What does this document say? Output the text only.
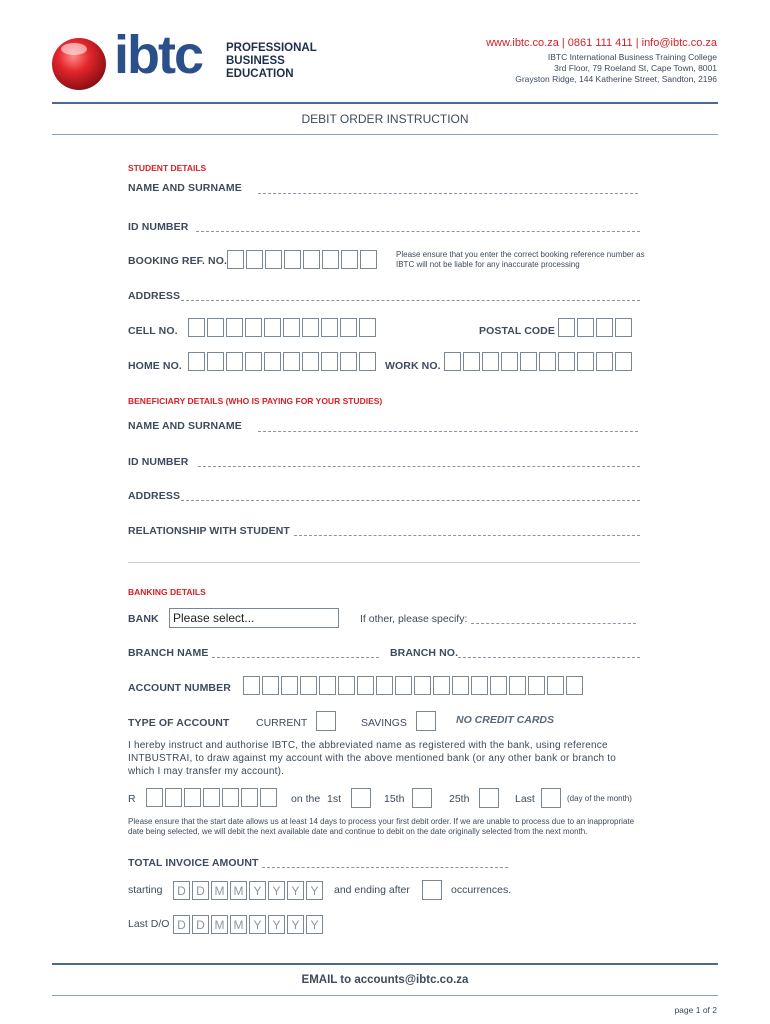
ibtc PROFESSIONAL
BUSINESS
EDUCATION
www.ibtc.co.za | 0861 111 411 | info@ibtc.co.za
IBTC International Business Training College
3rd Floor, 79 Roeland St, Cape Town, 8001
Grayston Ridge, 144 Katherine Street, Sandton, 2196
DEBIT ORDER INSTRUCTION
STUDENT DETAILS
NAME AND SURNAME
ID NUMBER
BOOKING REF. NO.
Please ensure that you enter the correct booking reference number as IBTC will not be liable for any inaccurate processing
ADDRESS
CELL NO.	POSTAL CODE
HOME NO.	WORK NO.
BENEFICIARY DETAILS (WHO IS PAYING FOR YOUR STUDIES)
NAME AND SURNAME
ID NUMBER
ADDRESS
RELATIONSHIP WITH STUDENT
BANKING DETAILS
BANK	Please select...	If other, please specify:
BRANCH NAME	BRANCH NO.
ACCOUNT NUMBER
TYPE OF ACCOUNT	CURRENT	SAVINGS	NO CREDIT CARDS
I hereby instruct and authorise IBTC, the abbreviated name as registered with the bank, using reference INTBUSTRAI, to draw against my account with the above mentioned bank (or any other bank or branch to which I may transfer my account).
R	on the 1st	15th	25th	Last	(day of the month)
Please ensure that the start date allows us at least 14 days to process your first debit order. If we are unable to process due to an inappropriate date being selected, we will debit the next available date and continue to debit on the date originally selected from the next month.
TOTAL INVOICE AMOUNT
starting	D D M M Y Y Y Y	and ending after	occurrences.
Last D/O D D M M Y Y Y Y
EMAIL to accounts@ibtc.co.za
page 1 of 2
